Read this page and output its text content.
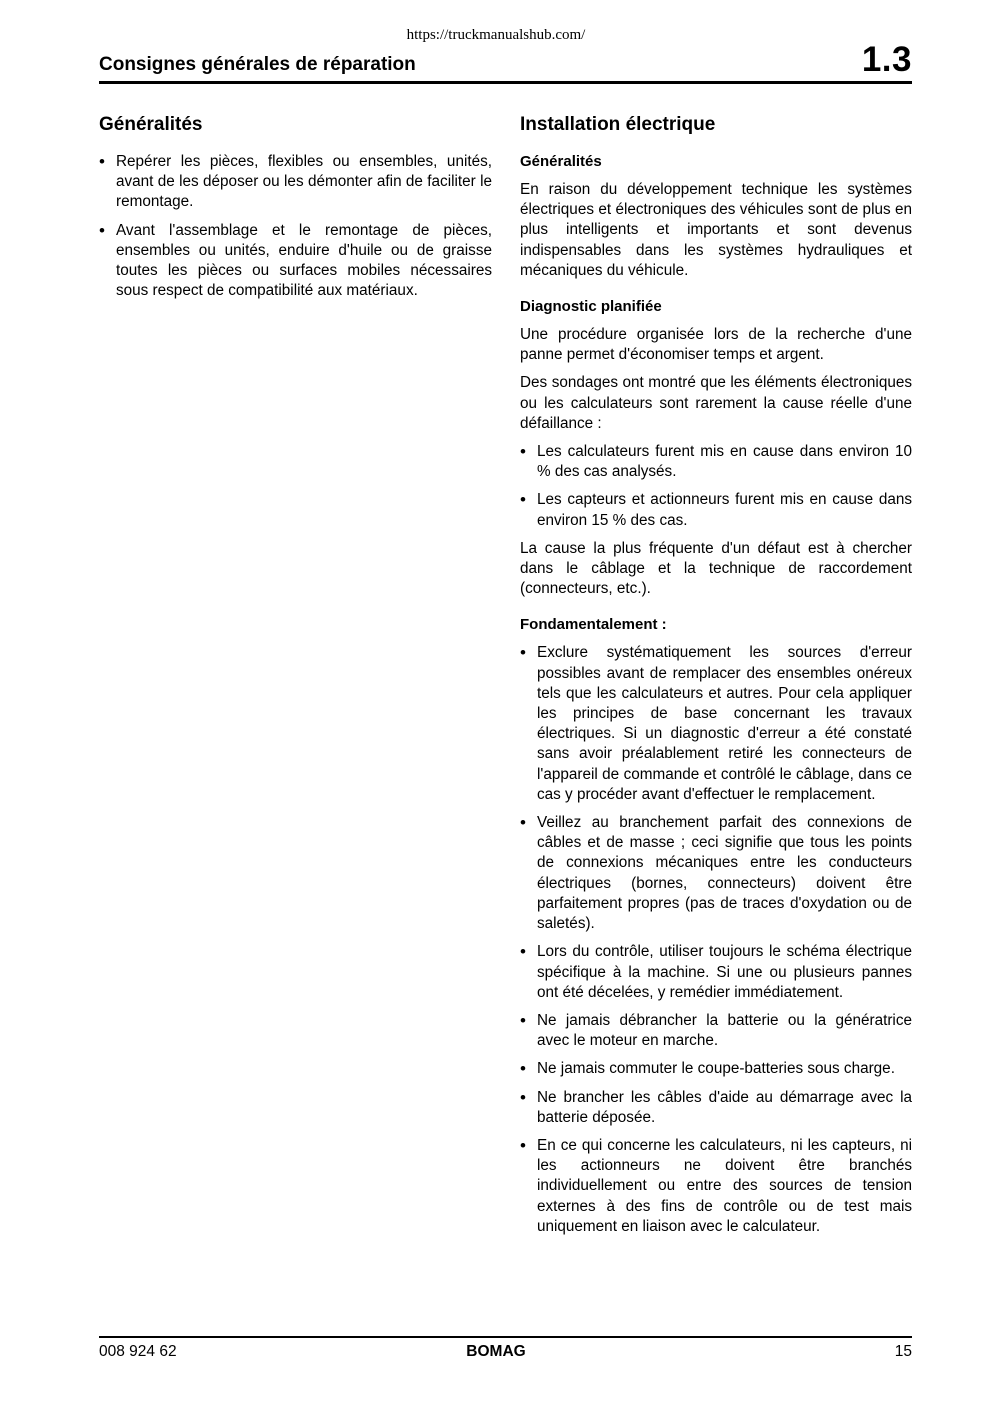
https://truckmanualshub.com/
Consignes générales de réparation	1.3
Généralités
• Repérer les pièces, flexibles ou ensembles, unités, avant de les déposer ou les démonter afin de faciliter le remontage.
• Avant l'assemblage et le remontage de pièces, ensembles ou unités, enduire d'huile ou de graisse toutes les pièces ou surfaces mobiles nécessaires sous respect de compatibilité aux matériaux.
Installation électrique
Généralités

En raison du développement technique les systèmes électriques et électroniques des véhicules sont de plus en plus intelligents et importants et sont devenus indispensables dans les systèmes hydrauliques et mécaniques du véhicule.

Diagnostic planifiée

Une procédure organisée lors de la recherche d'une panne permet d'économiser temps et argent.

Des sondages ont montré que les éléments électroniques ou les calculateurs sont rarement la cause réelle d'une défaillance :

• Les calculateurs furent mis en cause dans environ 10 % des cas analysés.
• Les capteurs et actionneurs furent mis en cause dans environ 15 % des cas.

La cause la plus fréquente d'un défaut est à chercher dans le câblage et la technique de raccordement (connecteurs, etc.).

Fondamentalement :
• Exclure systématiquement les sources d'erreur possibles avant de remplacer des ensembles onéreux tels que les calculateurs et autres. Pour cela appliquer les principes de base concernant les travaux électriques. Si un diagnostic d'erreur a été constaté sans avoir préalablement retiré les connecteurs de l'appareil de commande et contrôlé le câblage, dans ce cas y procéder avant d'effectuer le remplacement.
• Veillez au branchement parfait des connexions de câbles et de masse ; ceci signifie que tous les points de connexions mécaniques entre les conducteurs électriques (bornes, connecteurs) doivent être parfaitement propres (pas de traces d'oxydation ou de saletés).
• Lors du contrôle, utiliser toujours le schéma électrique spécifique à la machine. Si une ou plusieurs pannes ont été décelées, y remédier immédiatement.
• Ne jamais débrancher la batterie ou la génératrice avec le moteur en marche.
• Ne jamais commuter le coupe-batteries sous charge.
• Ne brancher les câbles d'aide au démarrage avec la batterie déposée.
• En ce qui concerne les calculateurs, ni les capteurs, ni les actionneurs ne doivent être branchés individuellement ou entre des sources de tension externes à des fins de contrôle ou de test mais uniquement en liaison avec le calculateur.
008 924 62	BOMAG	15
